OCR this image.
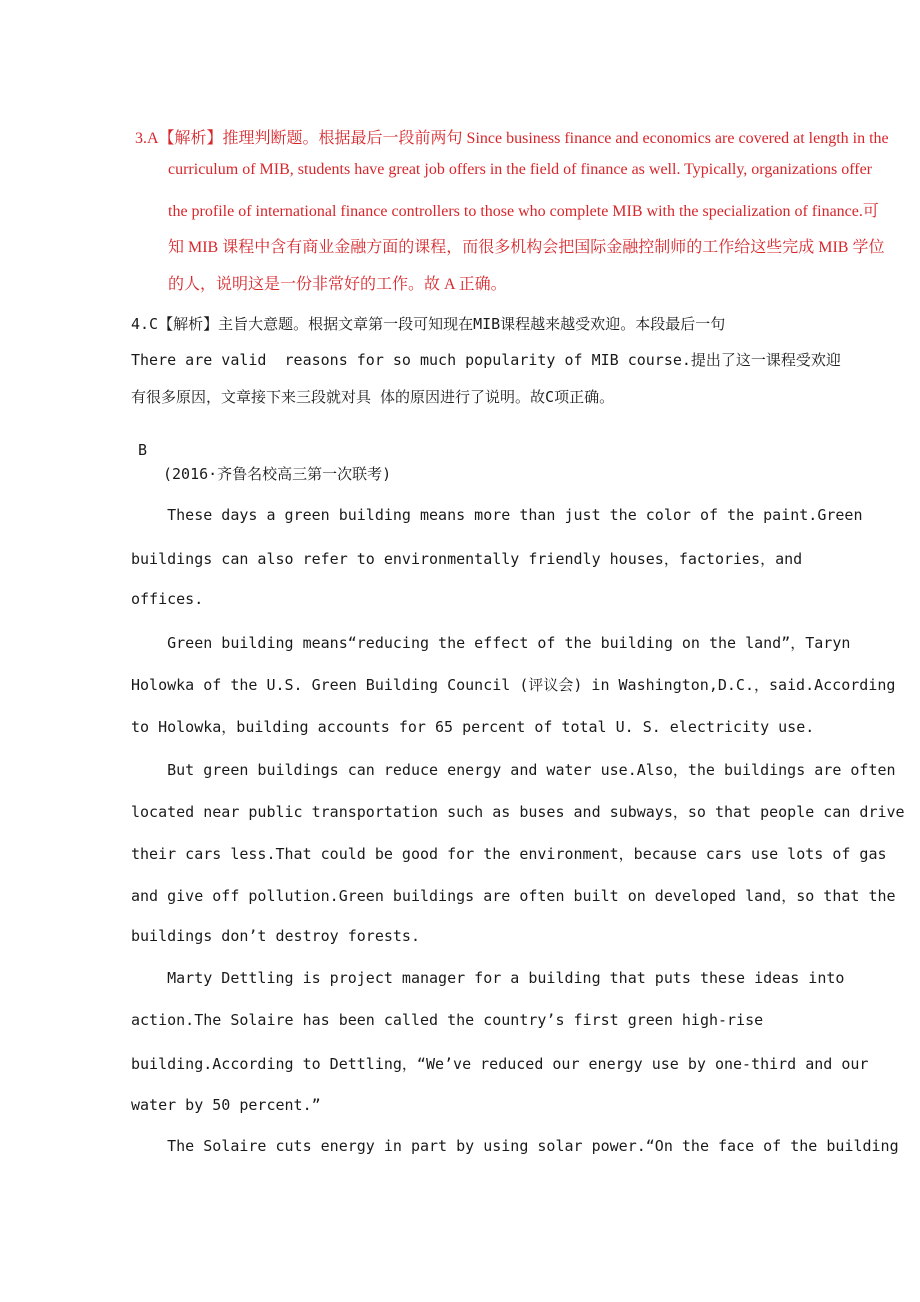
3.A【解析】推理判断题。根据最后一段前两句 Since business finance and economics are covered at length in the

curriculum of MIB, students have great job offers in the field of finance as well. Typically, organizations offer

the profile of international finance controllers to those who complete MIB with the specialization of finance.可

知 MIB 课程中含有商业金融方面的课程，而很多机构会把国际金融控制师的工作给这些完成 MIB 学位

的人，说明这是一份非常好的工作。故 A 正确。

4.C【解析】主旨大意题。根据文章第一段可知现在MIB课程越来越受欢迎。本段最后一句

There are valid  reasons for so much popularity of MIB course.提出了这一课程受欢迎

有很多原因，文章接下来三段就对具 体的原因进行了说明。故C项正确。

B

(2016·齐鲁名校高三第一次联考)

These days a green building means more than just the color of the paint.Green

buildings can also refer to environmentally friendly houses，factories，and

offices.

Green building means“reducing the effect of the building on the land”，Taryn

Holowka of the U.S. Green Building Council (评议会) in Washington,D.C.，said.According

to Holowka，building accounts for 65 percent of total U. S. electricity use.

But green buildings can reduce energy and water use.Also，the buildings are often

located near public transportation such as buses and subways，so that people can drive

their cars less.That could be good for the environment，because cars use lots of gas

and give off pollution.Green buildings are often built on developed land，so that the

buildings don’t destroy forests.

Marty Dettling is project manager for a building that puts these ideas into

action.The Solaire has been called the country’s first green high-rise

building.According to Dettling，“We’ve reduced our energy use by one-third and our

water by 50 percent.”

The Solaire cuts energy in part by using solar power.“On the face of the building
